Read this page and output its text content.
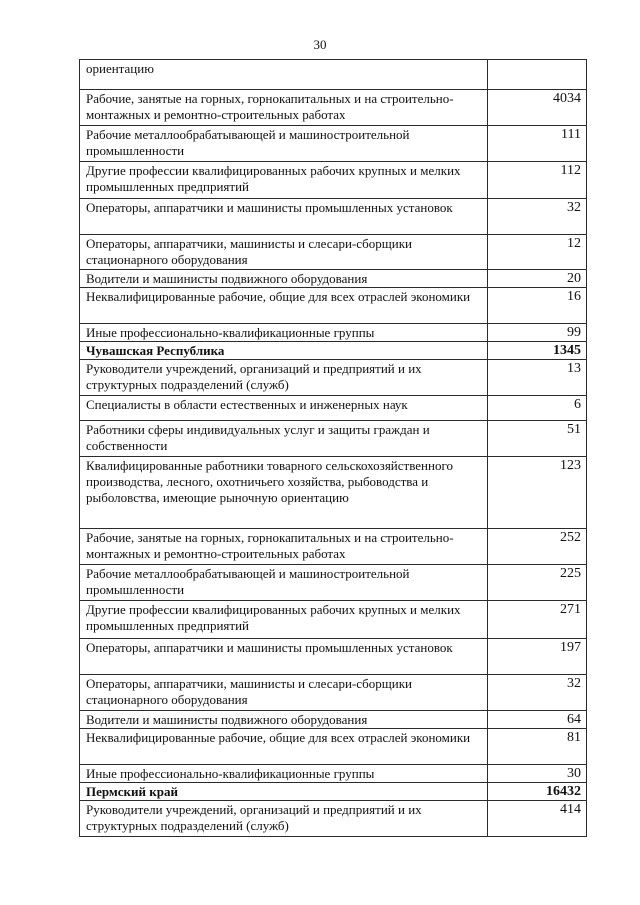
30
ориентацию	
Рабочие, занятые на горных, горнокапитальных и на строительно-монтажных и ремонтно-строительных работах	4034
Рабочие металлообрабатывающей и машиностроительной промышленности	111
Другие профессии квалифицированных рабочих крупных и мелких промышленных предприятий	112
Операторы, аппаратчики и машинисты промышленных установок	32
Операторы, аппаратчики, машинисты и слесари-сборщики стационарного оборудования	12
Водители и машинисты подвижного оборудования	20
Неквалифицированные рабочие, общие для всех отраслей экономики	16
Иные профессионально-квалификационные группы	99
Чувашская Республика	1345
Руководители учреждений, организаций и предприятий и их структурных подразделений (служб)	13
Специалисты в области естественных и инженерных наук	6
Работники сферы индивидуальных услуг и защиты граждан и собственности	51
Квалифицированные работники товарного сельскохозяйственного производства, лесного, охотничьего хозяйства, рыбоводства и рыболовства, имеющие рыночную ориентацию	123
Рабочие, занятые на горных, горнокапитальных и на строительно-монтажных и ремонтно-строительных работах	252
Рабочие металлообрабатывающей и машиностроительной промышленности	225
Другие профессии квалифицированных рабочих крупных и мелких промышленных предприятий	271
Операторы, аппаратчики и машинисты промышленных установок	197
Операторы, аппаратчики, машинисты и слесари-сборщики стационарного оборудования	32
Водители и машинисты подвижного оборудования	64
Неквалифицированные рабочие, общие для всех отраслей экономики	81
Иные профессионально-квалификационные группы	30
Пермский край	16432
Руководители учреждений, организаций и предприятий и их структурных подразделений (служб)	414
